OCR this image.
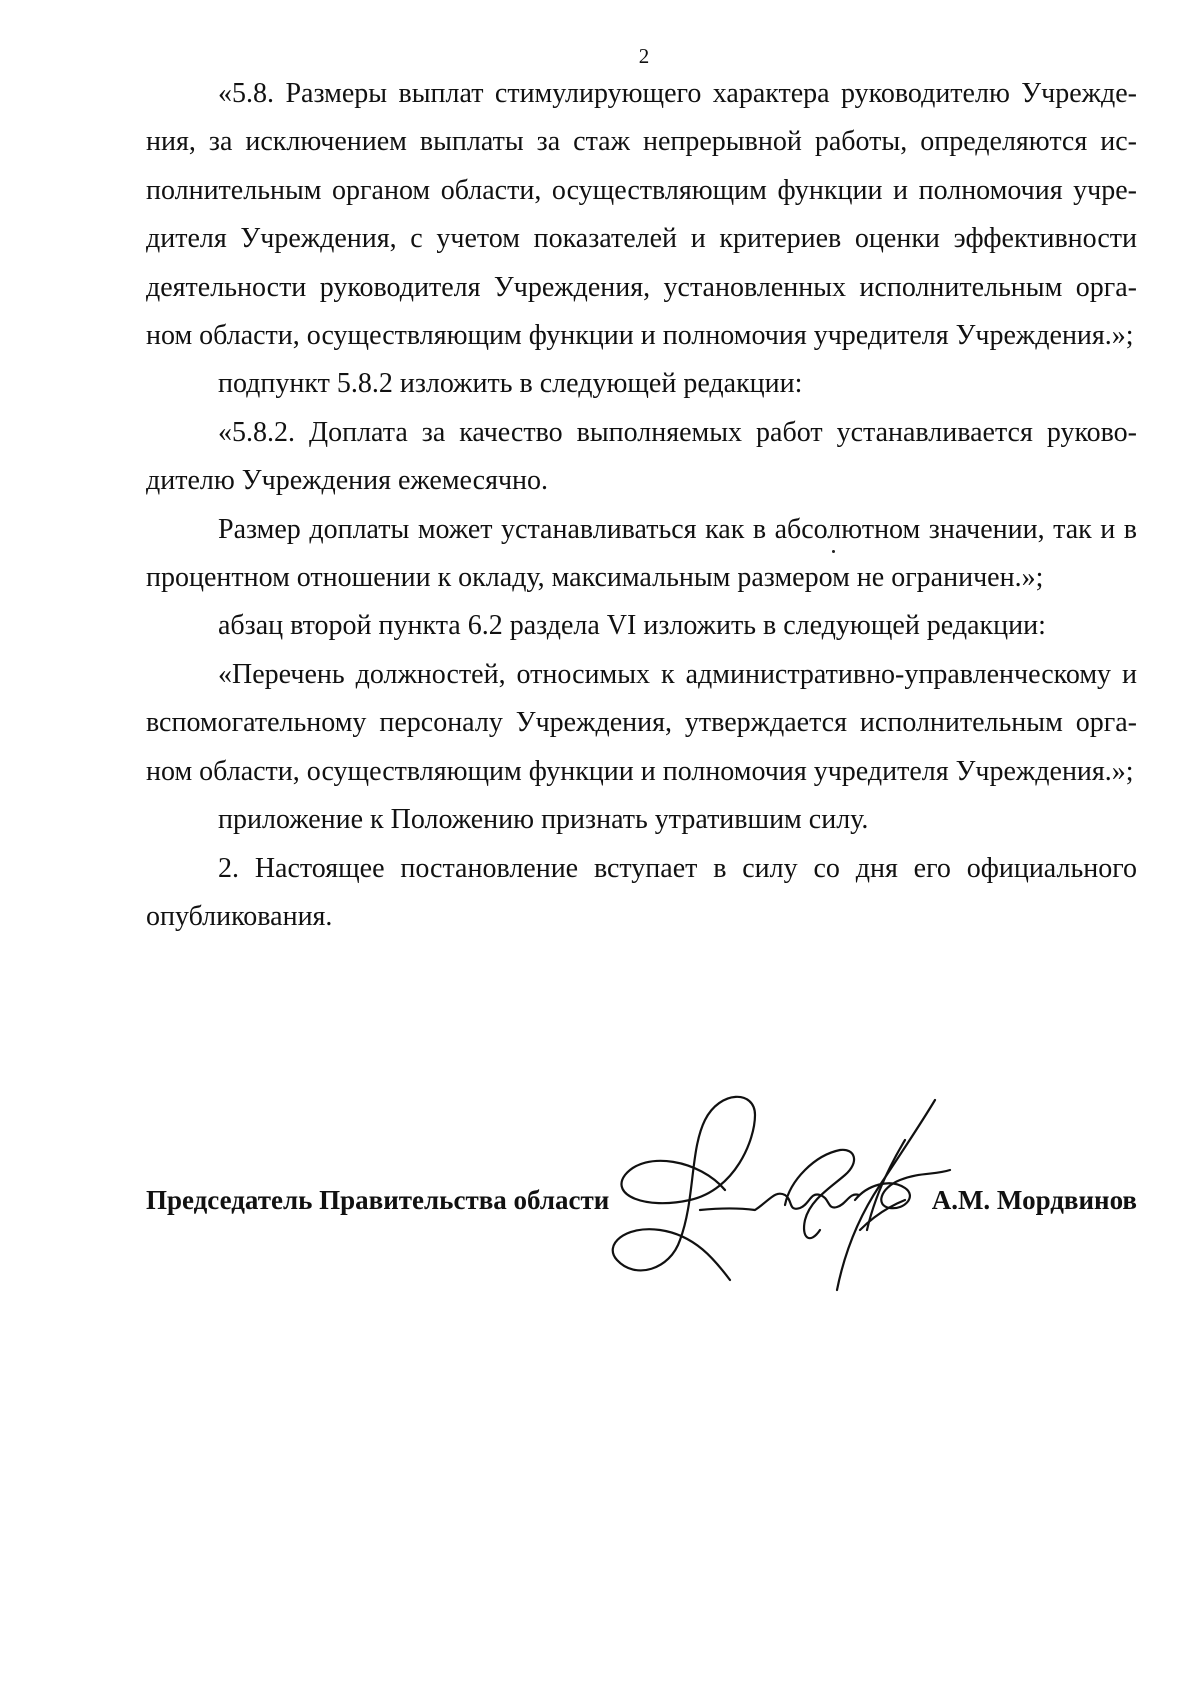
2

«5.8. Размеры выплат стимулирующего характера руководителю Учреждения, за исключением выплаты за стаж непрерывной работы, определяются исполнительным органом области, осуществляющим функции и полномочия учредителя Учреждения, с учетом показателей и критериев оценки эффективности деятельности руководителя Учреждения, установленных исполнительным органом области, осуществляющим функции и полномочия учредителя Учреждения.»;

подпункт 5.8.2 изложить в следующей редакции:

«5.8.2. Доплата за качество выполняемых работ устанавливается руководителю Учреждения ежемесячно.

Размер доплаты может устанавливаться как в абсолютном значении, так и в процентном отношении к окладу, максимальным размером не ограничен.»;

абзац второй пункта 6.2 раздела VI изложить в следующей редакции:

«Перечень должностей, относимых к административно-управленческому и вспомогательному персоналу Учреждения, утверждается исполнительным органом области, осуществляющим функции и полномочия учредителя Учреждения.»;

приложение к Положению признать утратившим силу.

2. Настоящее постановление вступает в силу со дня его официального опубликования.

Председатель Правительства области	А.М. Мордвинов
